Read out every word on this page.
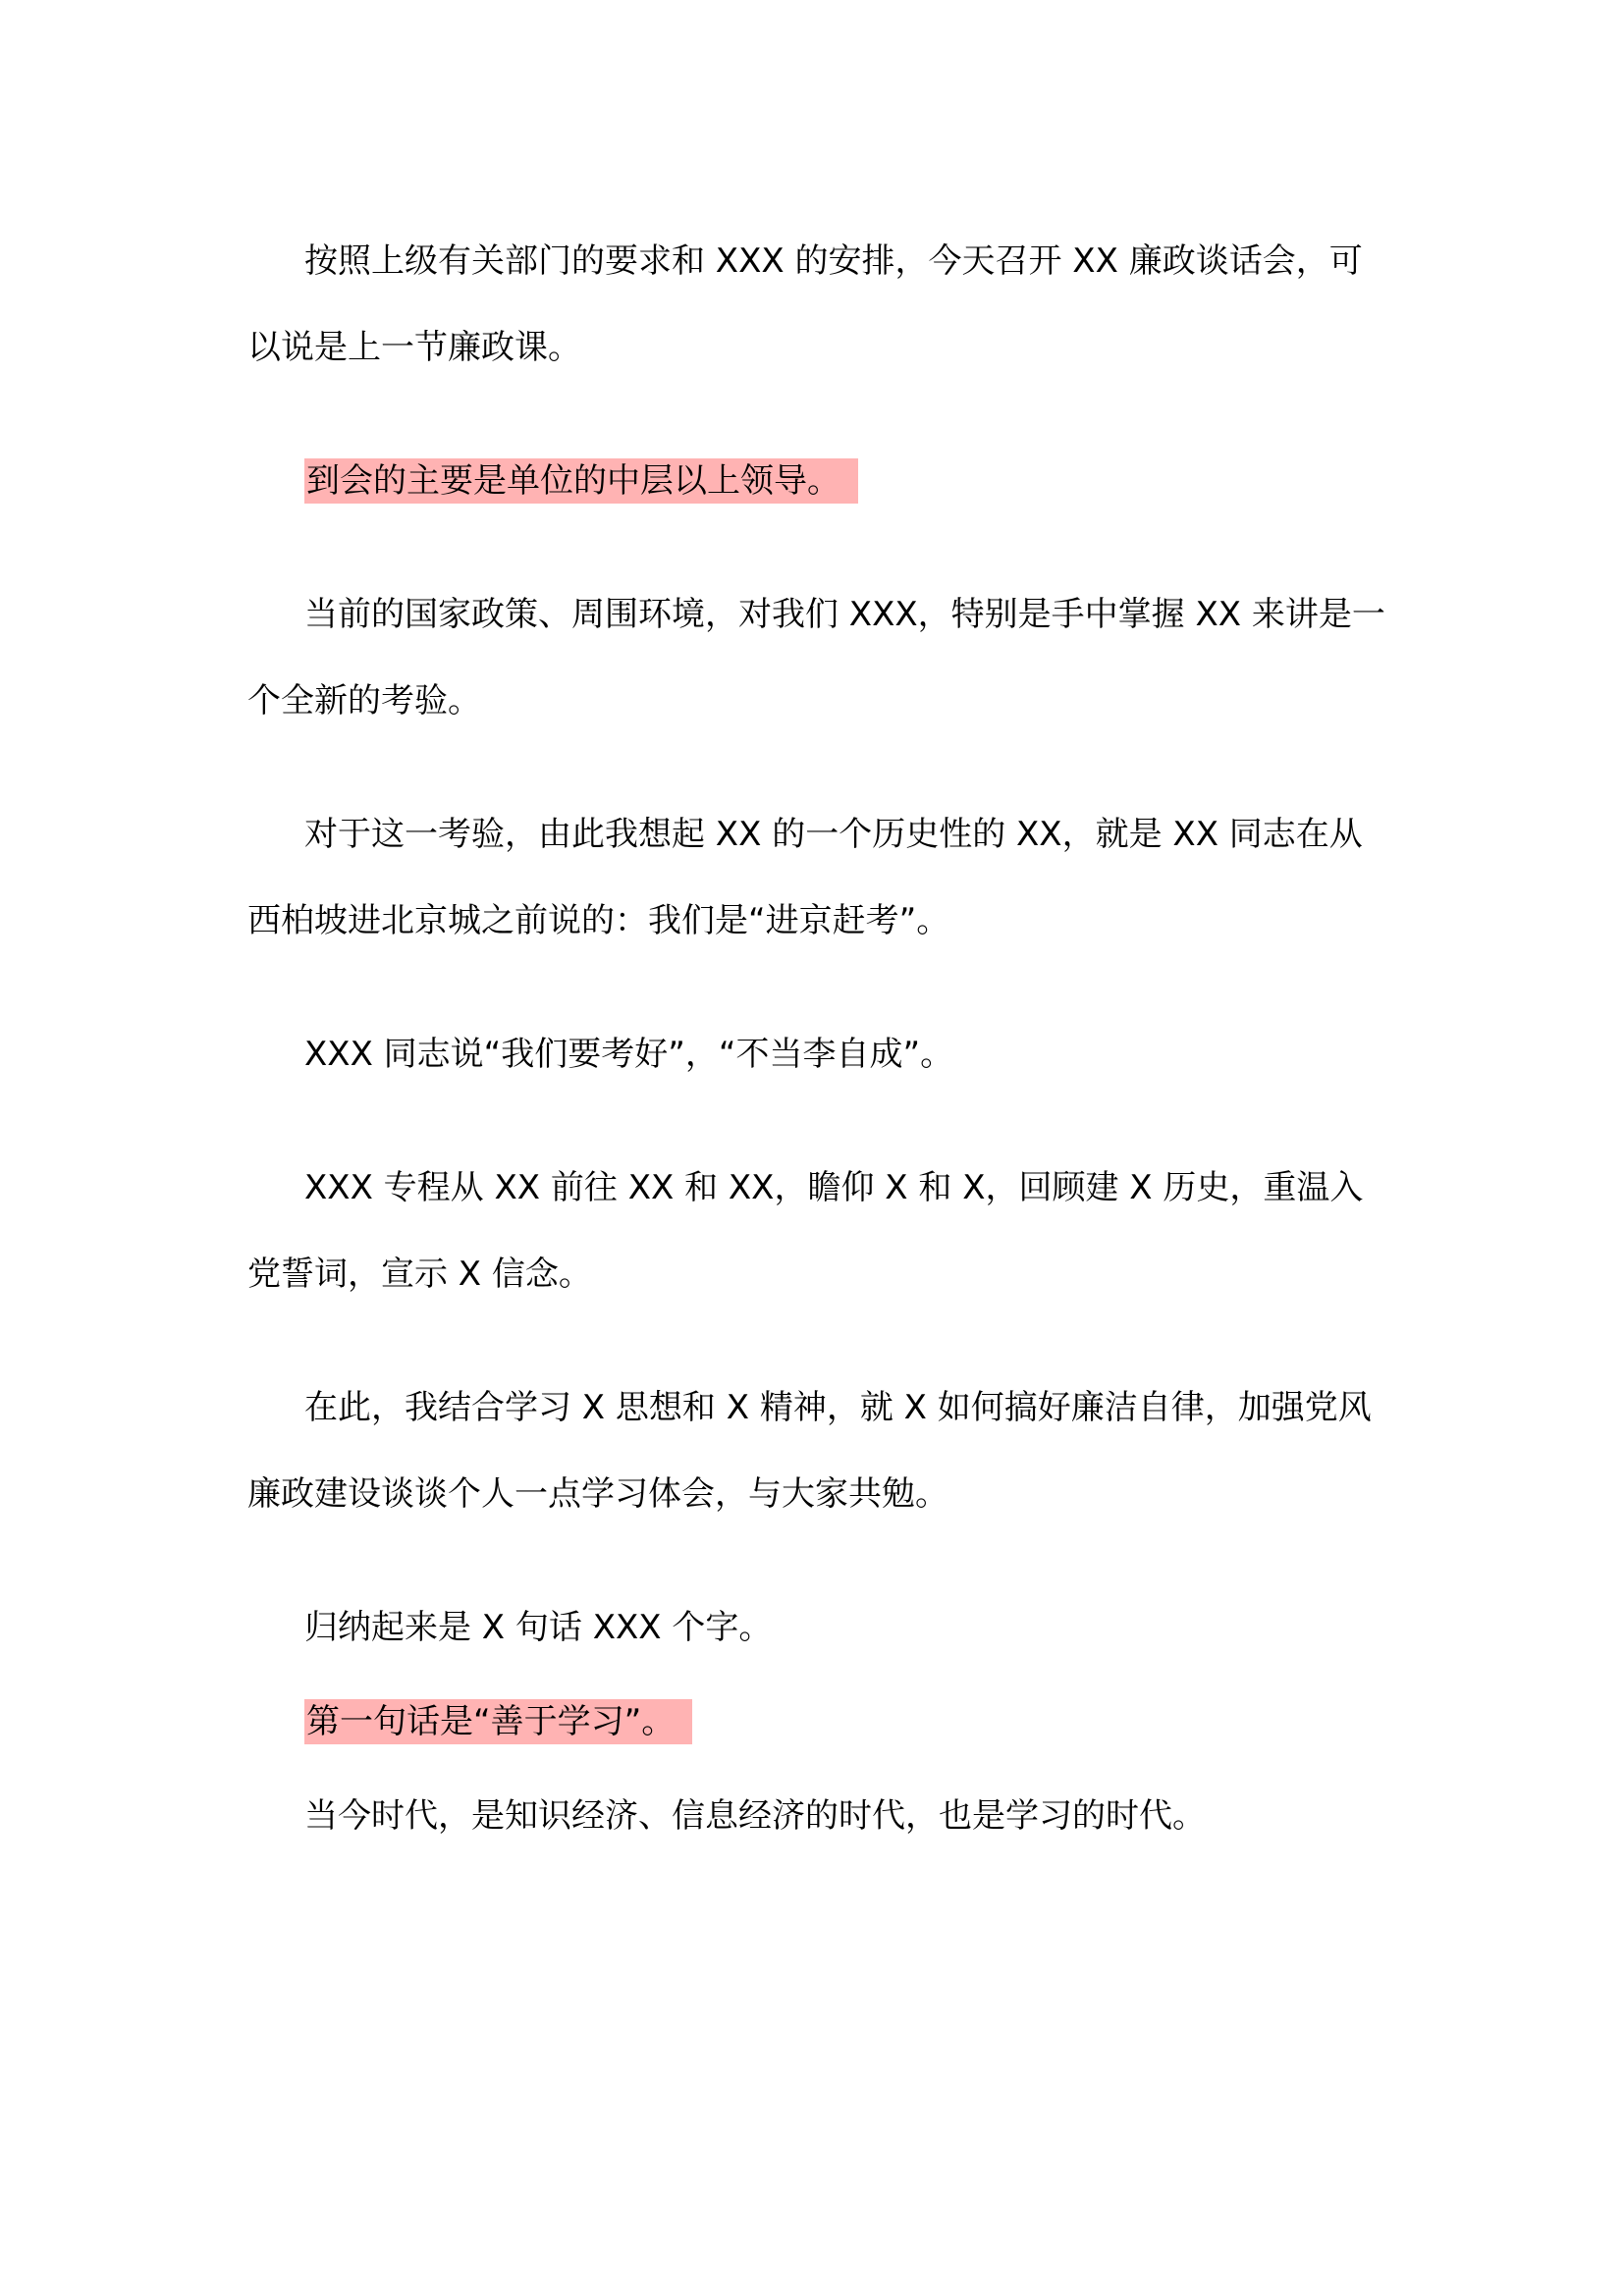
按照上级有关部门的要求和 XXX 的安排，今天召开 XX 廉政谈话会，可以说是上一节廉政课。

到会的主要是单位的中层以上领导。

当前的国家政策、周围环境，对我们 XXX，特别是手中掌握 XX 来讲是一个全新的考验。

对于这一考验，由此我想起 XX 的一个历史性的 XX，就是 XX 同志在从西柏坡进北京城之前说的：我们是“进京赶考”。

XXX 同志说“我们要考好”，“不当李自成”。

XXX 专程从 XX 前往 XX 和 XX，瞻仰 X 和 X，回顾建 X 历史，重温入党誓词，宣示 X 信念。

在此，我结合学习 X 思想和 X 精神，就 X 如何搞好廉洁自律，加强党风廉政建设谈谈个人一点学习体会，与大家共勉。

归纳起来是 X 句话 XXX 个字。

第一句话是“善于学习”。

当今时代，是知识经济、信息经济的时代，也是学习的时代。
